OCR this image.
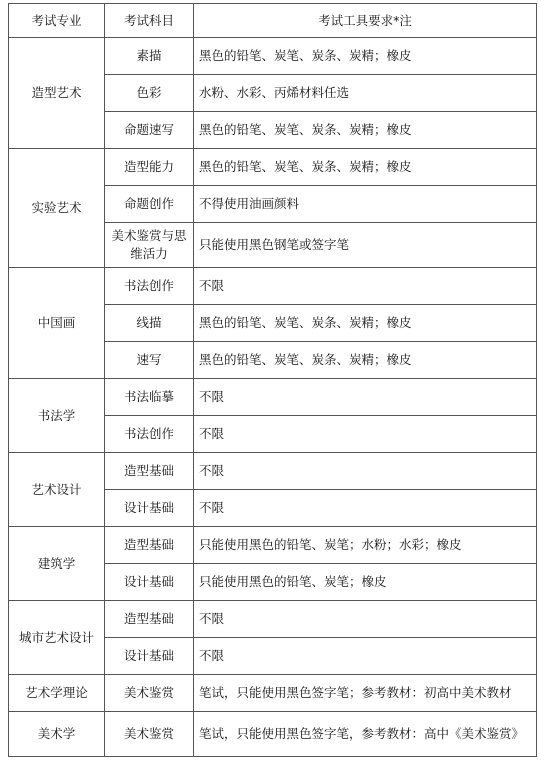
考试专业	考试科目	考试工具要求*注
造型艺术	素描	黑色的铅笔、炭笔、炭条、炭精；橡皮
	色彩	水粉、水彩、丙烯材料任选
	命题速写	黑色的铅笔、炭笔、炭条、炭精；橡皮
实验艺术	造型能力	黑色的铅笔、炭笔、炭条、炭精；橡皮
	命题创作	不得使用油画颜料
	美术鉴赏与思维活力	只能使用黑色钢笔或签字笔
中国画	书法创作	不限
	线描	黑色的铅笔、炭笔、炭条、炭精；橡皮
	速写	黑色的铅笔、炭笔、炭条、炭精；橡皮
书法学	书法临摹	不限
	书法创作	不限
艺术设计	造型基础	不限
	设计基础	不限
建筑学	造型基础	只能使用黑色的铅笔、炭笔；水粉；水彩；橡皮
	设计基础	只能使用黑色的铅笔、炭笔；橡皮
城市艺术设计	造型基础	不限
	设计基础	不限
艺术学理论	美术鉴赏	笔试，只能使用黑色签字笔；参考教材：初高中美术教材
美术学	美术鉴赏	笔试，只能使用黑色签字笔，参考教材：高中《美术鉴赏》
